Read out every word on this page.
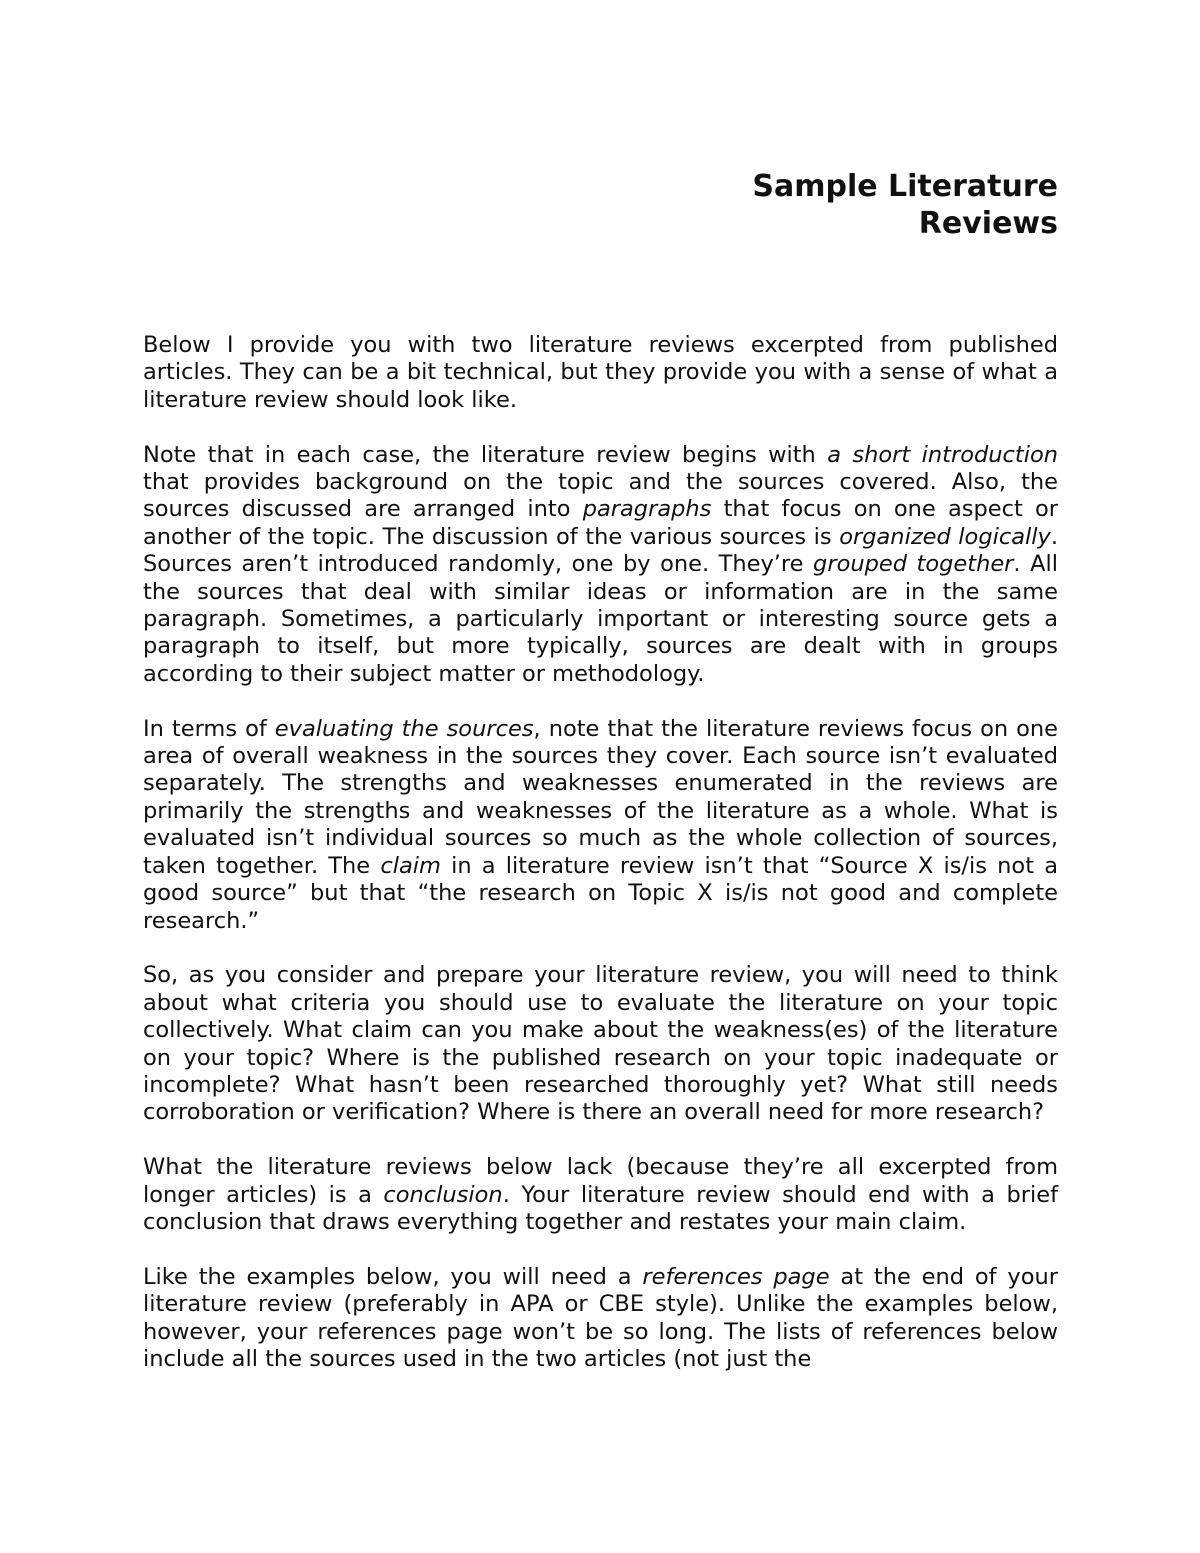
Sample Literature
Reviews

Below I provide you with two literature reviews excerpted from published articles. They can be a bit technical, but they provide you with a sense of what a literature review should look like.

Note that in each case, the literature review begins with a short introduction that provides background on the topic and the sources covered. Also, the sources discussed are arranged into paragraphs that focus on one aspect or another of the topic. The discussion of the various sources is organized logically. Sources aren’t introduced randomly, one by one. They’re grouped together. All the sources that deal with similar ideas or information are in the same paragraph. Sometimes, a particularly important or interesting source gets a paragraph to itself, but more typically, sources are dealt with in groups according to their subject matter or methodology.

In terms of evaluating the sources, note that the literature reviews focus on one area of overall weakness in the sources they cover. Each source isn’t evaluated separately. The strengths and weaknesses enumerated in the reviews are primarily the strengths and weaknesses of the literature as a whole. What is evaluated isn’t individual sources so much as the whole collection of sources, taken together. The claim in a literature review isn’t that “Source X is/is not a good source” but that “the research on Topic X is/is not good and complete research.”

So, as you consider and prepare your literature review, you will need to think about what criteria you should use to evaluate the literature on your topic collectively. What claim can you make about the weakness(es) of the literature on your topic? Where is the published research on your topic inadequate or incomplete? What hasn’t been researched thoroughly yet? What still needs corroboration or verification? Where is there an overall need for more research?

What the literature reviews below lack (because they’re all excerpted from longer articles) is a conclusion. Your literature review should end with a brief conclusion that draws everything together and restates your main claim.

Like the examples below, you will need a references page at the end of your literature review (preferably in APA or CBE style). Unlike the examples below, however, your references page won’t be so long. The lists of references below include all the sources used in the two articles (not just the
